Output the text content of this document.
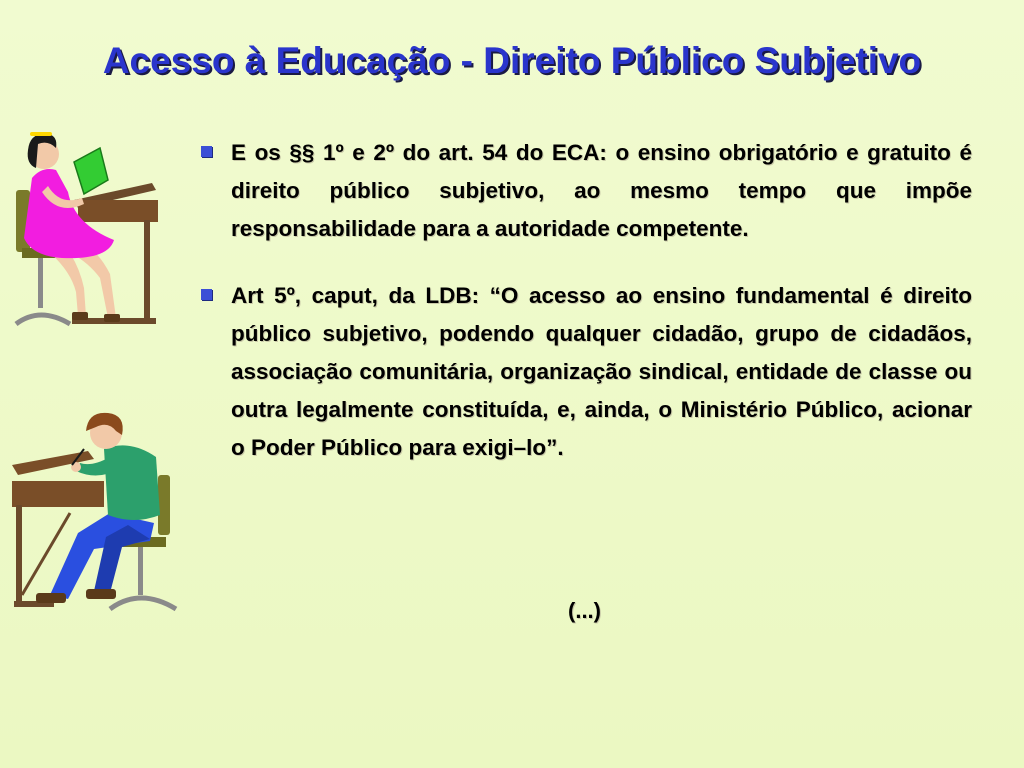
Acesso à Educação - Direito Público Subjetivo
E os §§ 1º e 2º do art. 54 do ECA: o ensino obrigatório e gratuito é direito público subjetivo, ao mesmo tempo que impõe responsabilidade para a autoridade competente.
Art 5º, caput, da LDB: “O acesso ao ensino fundamental é direito público subjetivo, podendo qualquer cidadão, grupo de cidadãos, associação comunitária, organização sindical, entidade de classe ou outra legalmente constituída, e, ainda, o Ministério Público, acionar o Poder Público para exigi–lo”.
(...)
